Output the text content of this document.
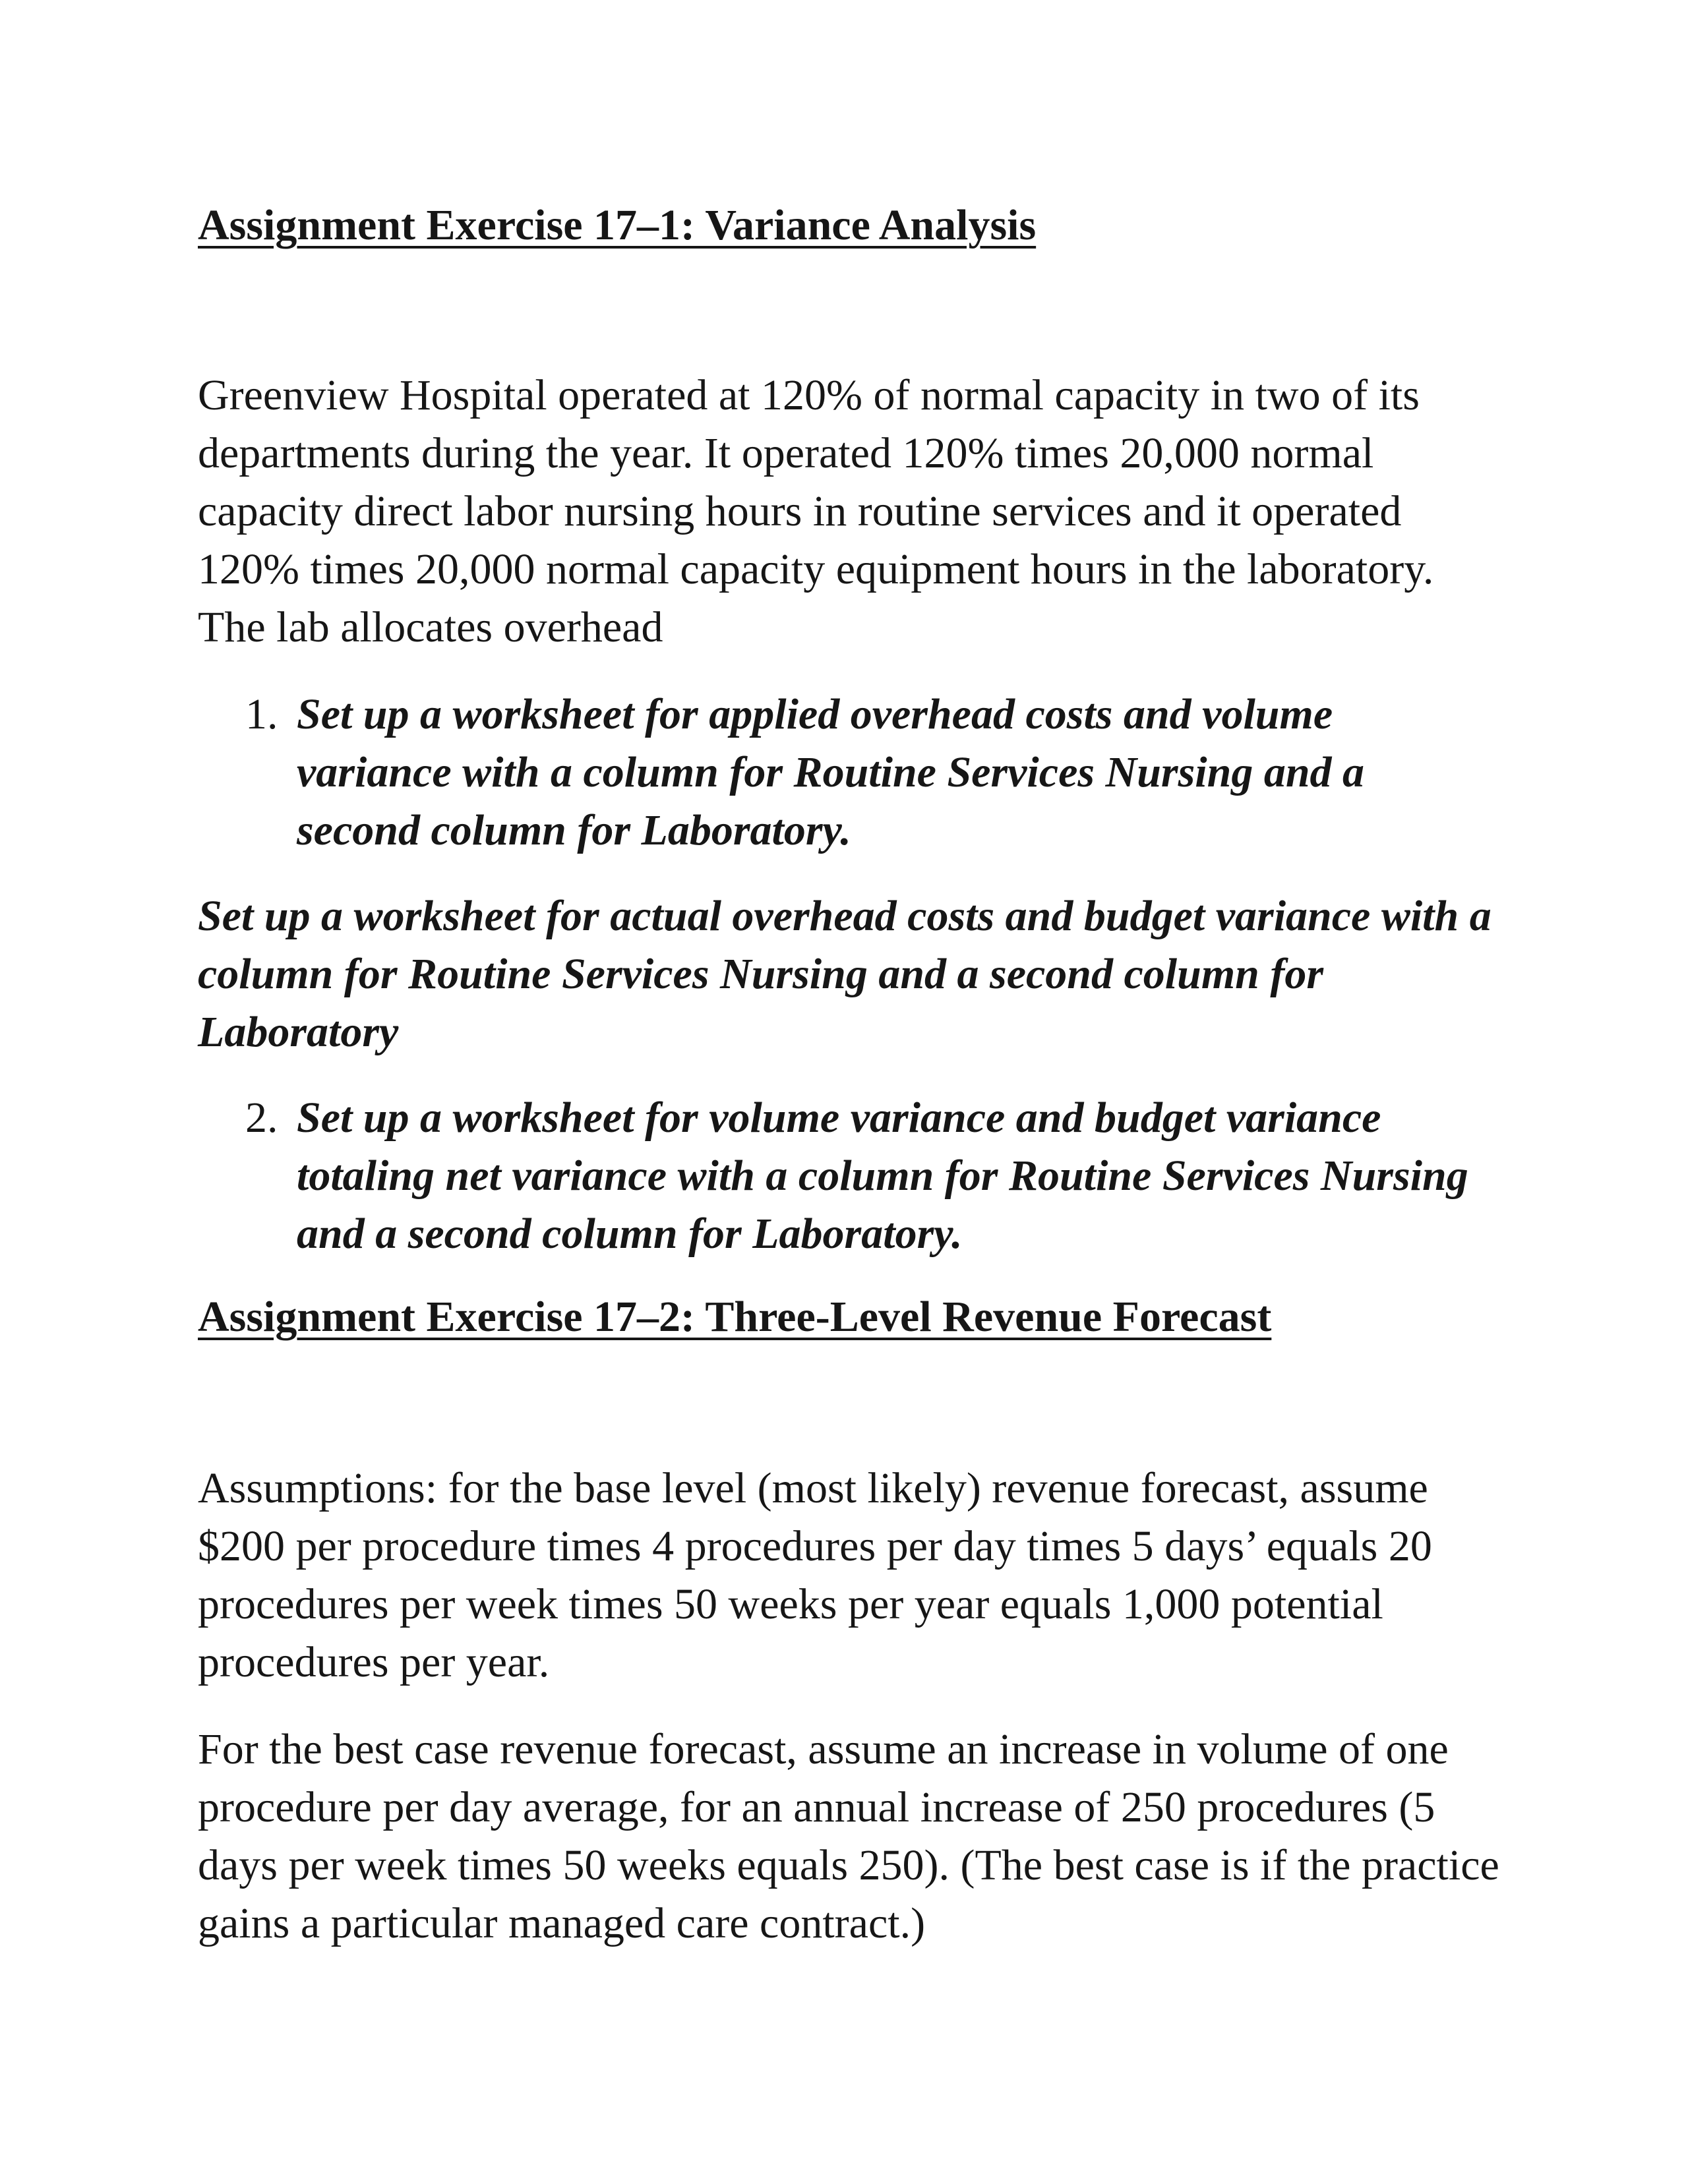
Assignment Exercise 17–1: Variance Analysis

Greenview Hospital operated at 120% of normal capacity in two of its departments during the year. It operated 120% times 20,000 normal capacity direct labor nursing hours in routine services and it operated 120% times 20,000 normal capacity equipment hours in the laboratory. The lab allocates overhead

1. Set up a worksheet for applied overhead costs and volume variance with a column for Routine Services Nursing and a second column for Laboratory.

Set up a worksheet for actual overhead costs and budget variance with a column for Routine Services Nursing and a second column for Laboratory

2. Set up a worksheet for volume variance and budget variance totaling net variance with a column for Routine Services Nursing and a second column for Laboratory.
Assignment Exercise 17–2: Three-Level Revenue Forecast

Assumptions: for the base level (most likely) revenue forecast, assume $200 per procedure times 4 procedures per day times 5 days’ equals 20 procedures per week times 50 weeks per year equals 1,000 potential procedures per year.

For the best case revenue forecast, assume an increase in volume of one procedure per day average, for an annual increase of 250 procedures (5 days per week times 50 weeks equals 250). (The best case is if the practice gains a particular managed care contract.)
